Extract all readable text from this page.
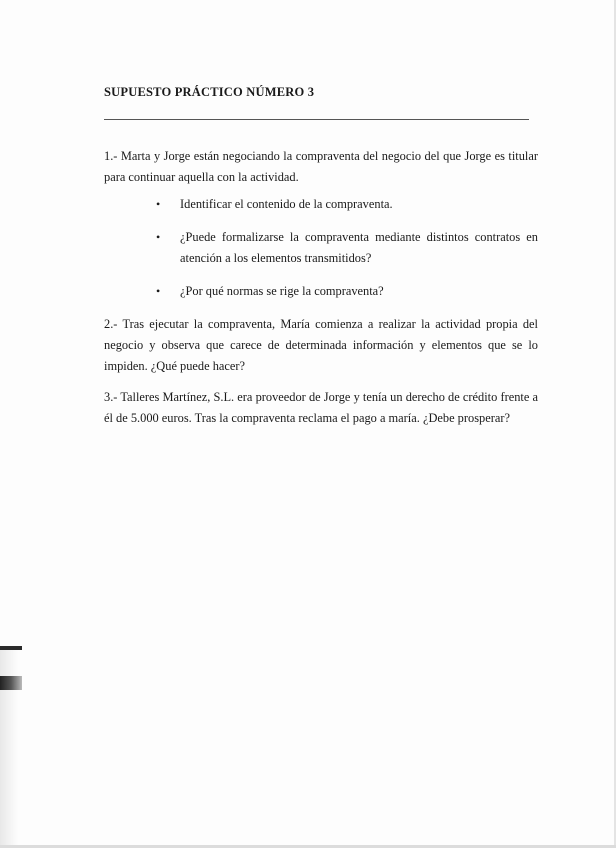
SUPUESTO PRÁCTICO NÚMERO 3

1.- Marta y Jorge están negociando la compraventa del negocio del que Jorge es titular para continuar aquella con la actividad.

• Identificar el contenido de la compraventa.
• ¿Puede formalizarse la compraventa mediante distintos contratos en atención a los elementos transmitidos?
• ¿Por qué normas se rige la compraventa?

2.- Tras ejecutar la compraventa, María comienza a realizar la actividad propia del negocio y observa que carece de determinada información y elementos que se lo impiden. ¿Qué puede hacer?

3.- Talleres Martínez, S.L. era proveedor de Jorge y tenía un derecho de crédito frente a él de 5.000 euros. Tras la compraventa reclama el pago a maría. ¿Debe prosperar?
